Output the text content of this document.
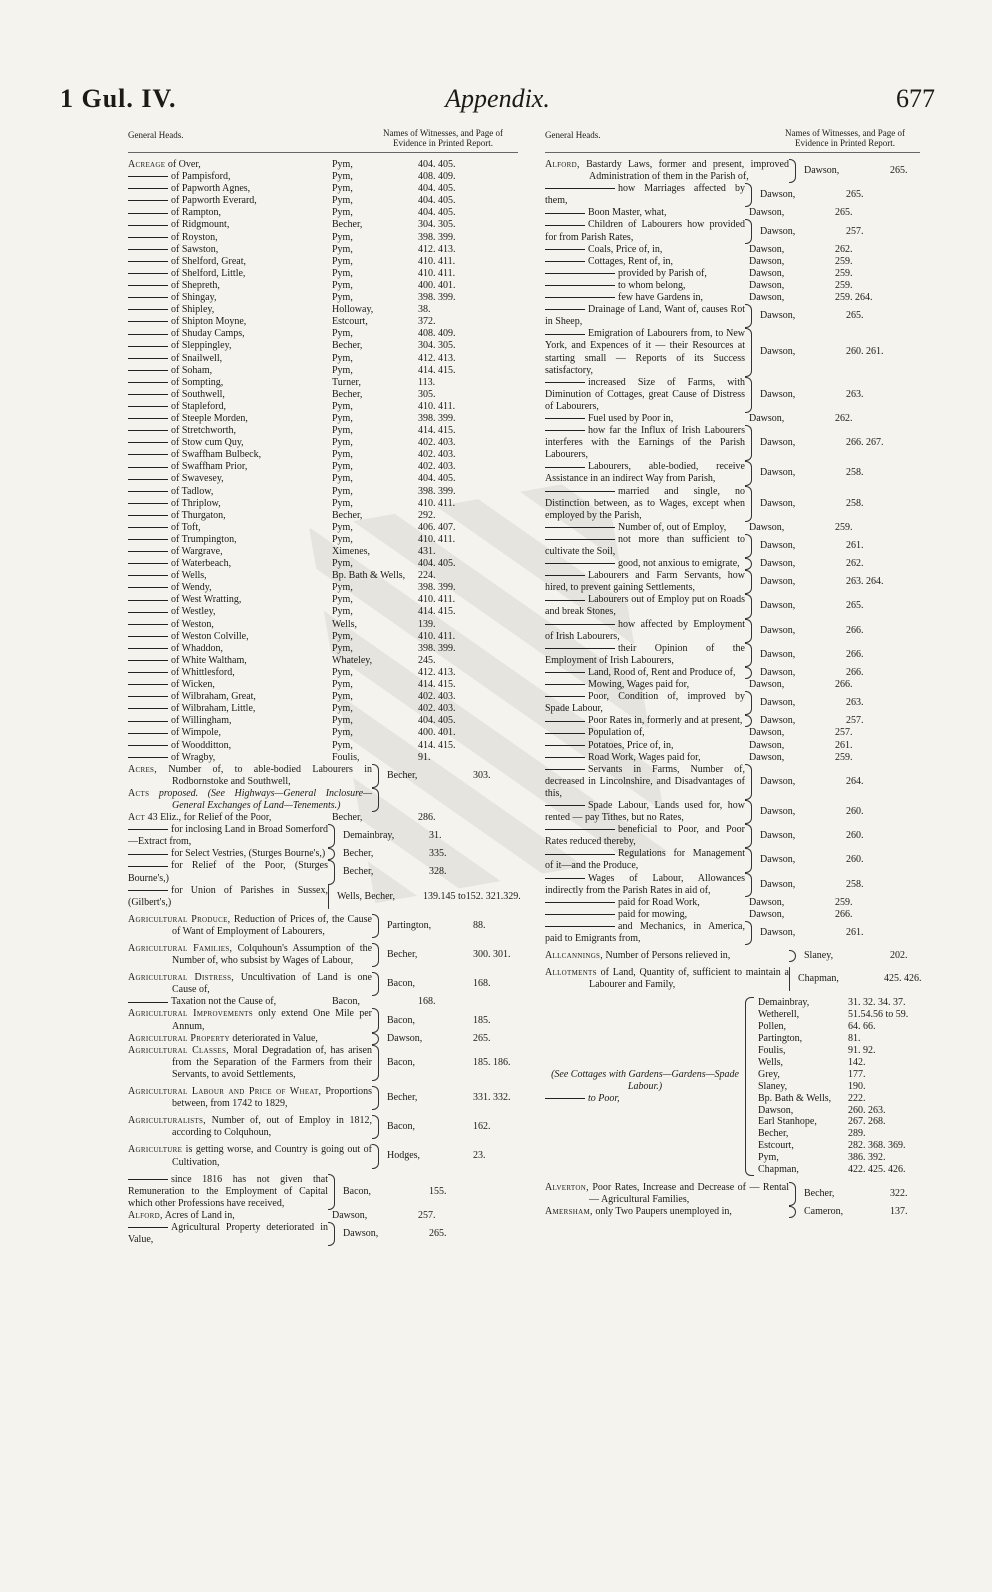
1 Gul. IV.	Appendix.	677
General Heads.	Names of Witnesses, and Page of Evidence in Printed Report.
Acreage of Over,	Pym,	404. 405.
of Pampisford,	Pym,	408. 409.
of Papworth Agnes,	Pym,	404. 405.
of Papworth Everard,	Pym,	404. 405.
of Rampton,	Pym,	404. 405.
of Ridgmount,	Becher,	304. 305.
of Royston,	Pym,	398. 399.
of Sawston,	Pym,	412. 413.
of Shelford, Great,	Pym,	410. 411.
of Shelford, Little,	Pym,	410. 411.
of Shepreth,	Pym,	400. 401.
of Shingay,	Pym,	398. 399.
of Shipley,	Holloway,	38.
of Shipton Moyne,	Estcourt,	372.
of Shuday Camps,	Pym,	408. 409.
of Sleppingley,	Becher,	304. 305.
of Snailwell,	Pym,	412. 413.
of Soham,	Pym,	414. 415.
of Sompting,	Turner,	113.
of Southwell,	Becher,	305.
of Stapleford,	Pym,	410. 411.
of Steeple Morden,	Pym,	398. 399.
of Stretchworth,	Pym,	414. 415.
of Stow cum Quy,	Pym,	402. 403.
of Swaffham Bulbeck,	Pym,	402. 403.
of Swaffham Prior,	Pym,	402. 403.
of Swavesey,	Pym,	404. 405.
of Tadlow,	Pym,	398. 399.
of Thriplow,	Pym,	410. 411.
of Thurgaton,	Becher,	292.
of Toft,	Pym,	406. 407.
of Trumpington,	Pym,	410. 411.
of Wargrave,	Ximenes,	431.
of Waterbeach,	Pym,	404. 405.
of Wells,	Bp. Bath & Wells,	224.
of Wendy,	Pym,	398. 399.
of West Wratting,	Pym,	410. 411.
of Westley,	Pym,	414. 415.
of Weston,	Wells,	139.
of Weston Colville,	Pym,	410. 411.
of Whaddon,	Pym,	398. 399.
of White Waltham,	Whateley,	245.
of Whittlesford,	Pym,	412. 413.
of Wicken,	Pym,	414. 415.
of Wilbraham, Great,	Pym,	402. 403.
of Wilbraham, Little,	Pym,	402. 403.
of Willingham,	Pym,	404. 405.
of Wimpole,	Pym,	400. 401.
of Woodditton,	Pym,	414. 415.
of Wragby,	Foulis,	91.
Acres, Number of, to able-bodied Labourers in Rodbornstoke and Southwell,
Becher,	303.
Acts proposed. (See Highways—General Inclosure—General Exchanges of Land—Tenements.)
Act 43 Eliz., for Relief of the Poor,	Becher,	286.
for inclosing Land in Broad Somerford—Extract from,
Demainbray,	31.
for Select Vestries, (Sturges Bourne's,)	Becher,	335.
for Relief of the Poor, (Sturges Bourne's,)
Becher,	328.
for Union of Parishes in Sussex, (Gilbert's,)
Wells, Becher,	139.145 to152. 321.329.
Agricultural Produce, Reduction of Prices of, the Cause of Want of Employment of Labourers,
Partington,	88.
Agricultural Families, Colquhoun's Assumption of the Number of, who subsist by Wages of Labour,
Becher,	300. 301.
Agricultural Distress, Uncultivation of Land is one Cause of,
Bacon,	168.
Taxation not the Cause of,	Bacon,	168.
Agricultural Improvements only extend One Mile per Annum,
Bacon,	185.
Agricultural Property deteriorated in Value,	Dawson,	265.
Agricultural Classes, Moral Degradation of, has arisen from the Separation of the Farmers from their Servants, to avoid Settlements,
Bacon,	185. 186.
Agricultural Labour and Price of Wheat, Proportions between, from 1742 to 1829,
Becher,	331. 332.
Agriculturalists, Number of, out of Employ in 1812, according to Colquhoun,
Bacon,	162.
Agriculture is getting worse, and Country is going out of Cultivation,
Hodges,	23.
since 1816 has not given that Remuneration to the Employment of Capital which other Professions have received,
Bacon,	155.
Alford, Acres of Land in,	Dawson,	257.
Agricultural Property deteriorated in Value,
Dawson,	265.
General Heads.	Names of Witnesses, and Page of Evidence in Printed Report.
Alford, Bastardy Laws, former and present, improved Administration of them in the Parish of,
Dawson,	265.
how Marriages affected by them,
Dawson,	265.
Boon Master, what,	Dawson,	265.
Children of Labourers how provided for from Parish Rates,
Dawson,	257.
Coals, Price of, in,	Dawson,	262.
Cottages, Rent of, in,	Dawson,	259.
provided by Parish of,	Dawson,	259.
to whom belong,	Dawson,	259.
few have Gardens in,	Dawson,	259. 264.
Drainage of Land, Want of, causes Rot in Sheep,
Dawson,	265.
Emigration of Labourers from, to New York, and Expences of it — their Resources at starting small — Reports of its Success satisfactory,
Dawson,	260. 261.
increased Size of Farms, with Diminution of Cottages, great Cause of Distress of Labourers,
Dawson,	263.
Fuel used by Poor in,	Dawson,	262.
how far the Influx of Irish Labourers interferes with the Earnings of the Parish Labourers,
Dawson,	266. 267.
Labourers, able-bodied, receive Assistance in an indirect Way from Parish,
Dawson,	258.
married and single, no Distinction between, as to Wages, except when employed by the Parish,
Dawson,	258.
Number of, out of Employ,	Dawson,	259.
not more than sufficient to cultivate the Soil,
Dawson,	261.
good, not anxious to emigrate,	Dawson,	262.
Labourers and Farm Servants, how hired, to prevent gaining Settlements,
Dawson,	263. 264.
Labourers out of Employ put on Roads and break Stones,
Dawson,	265.
how affected by Employment of Irish Labourers,
Dawson,	266.
their Opinion of the Employment of Irish Labourers,
Dawson,	266.
Land, Rood of, Rent and Produce of,	Dawson,	266.
Mowing, Wages paid for,	Dawson,	266.
Poor, Condition of, improved by Spade Labour,
Dawson,	263.
Poor Rates in, formerly and at present,	Dawson,	257.
Population of,	Dawson,	257.
Potatoes, Price of, in,	Dawson,	261.
Road Work, Wages paid for,	Dawson,	259.
Servants in Farms, Number of, decreased in Lincolnshire, and Disadvantages of this,
Dawson,	264.
Spade Labour, Lands used for, how rented — pay Tithes, but no Rates,
Dawson,	260.
beneficial to Poor, and Poor Rates reduced thereby,
Dawson,	260.
Regulations for Management of it—and the Produce,
Dawson,	260.
Wages of Labour, Allowances indirectly from the Parish Rates in aid of,
Dawson,	258.
paid for Road Work,	Dawson,	259.
paid for mowing,	Dawson,	266.
and Mechanics, in America, paid to Emigrants from,
Dawson,	261.
Allcannings, Number of Persons relieved in,	Slaney,	202.
Allotments of Land, Quantity of, sufficient to maintain a Labourer and Family,
Chapman,	425. 426.
(See Cottages with Gardens—Gardens—Spade Labour.)
to Poor,
Demainbray,	31. 32. 34. 37.
Wetherell,	51.54.56 to 59.
Pollen,	64. 66.
Partington,	81.
Foulis,	91. 92.
Wells,	142.
Grey,	177.
Slaney,	190.
Bp. Bath & Wells,	222.
Dawson,	260. 263.
Earl Stanhope,	267. 268.
Becher,	289.
Estcourt,	282. 368. 369.
Pym,	386. 392.
Chapman,	422. 425. 426.
Alverton, Poor Rates, Increase and Decrease of — Rental — Agricultural Families,
Becher,	322.
Amersham, only Two Paupers unemployed in,	Cameron,	137.
